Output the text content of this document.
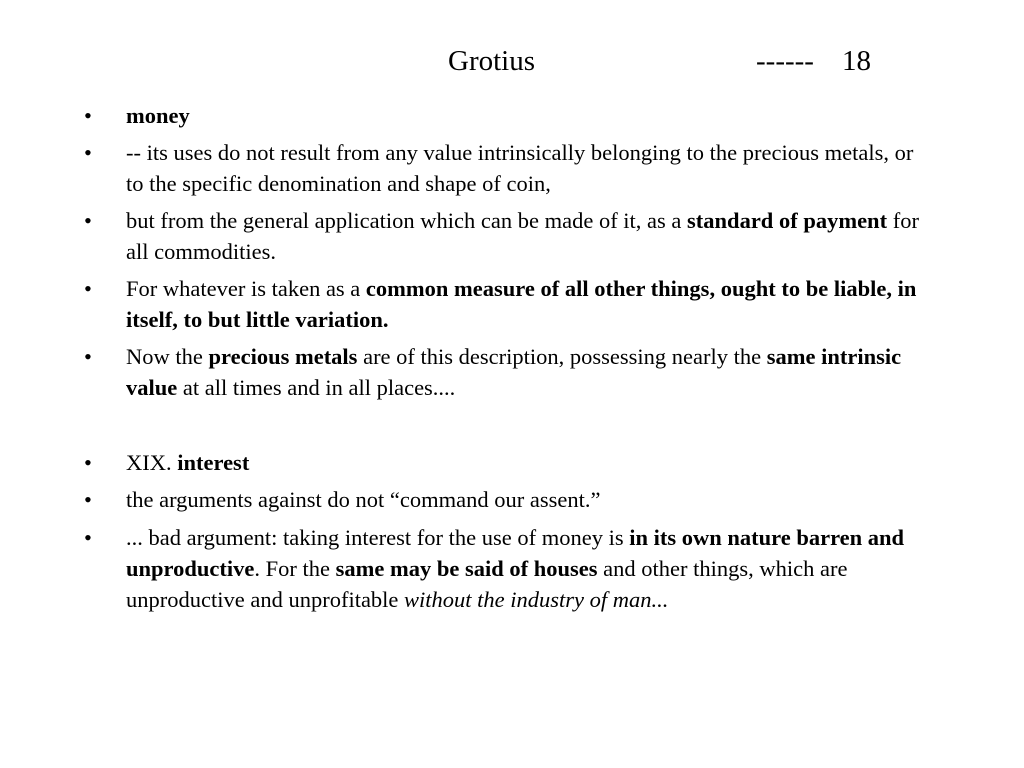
Grotius	------ 18
•	money
•	-- its uses do not result from any value intrinsically belonging to the precious metals, or to the specific denomination and shape of coin,
•	but from the general application which can be made of it, as a standard of payment for all commodities.
•	For whatever is taken as a common measure of all other things, ought to be liable, in itself, to but little variation.
•	Now the precious metals are of this description, possessing nearly the same intrinsic value at all times and in all places....
•	XIX. interest
•	the arguments against do not “command our assent.”
•	... bad argument: taking interest for the use of money is in its own nature barren and unproductive. For the same may be said of houses and other things, which are unproductive and unprofitable without the industry of man...
